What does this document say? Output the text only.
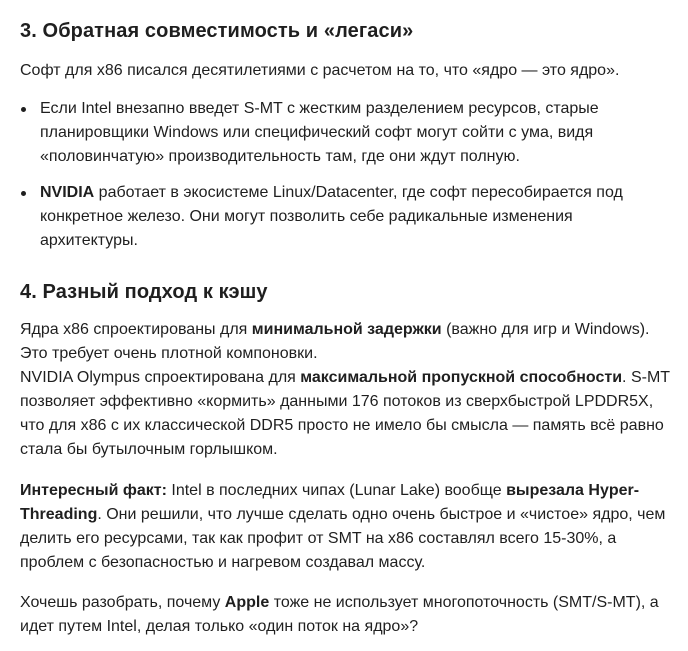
3. Обратная совместимость и «легаси»

Софт для x86 писался десятилетиями с расчетом на то, что «ядро — это ядро».

Если Intel внезапно введет S-MT с жестким разделением ресурсов, старые планировщики Windows или специфический софт могут сойти с ума, видя «половинчатую» производительность там, где они ждут полную.
NVIDIA работает в экосистеме Linux/Datacenter, где софт пересобирается под конкретное железо. Они могут позволить себе радикальные изменения архитектуры.
4. Разный подход к кэшу

Ядра x86 спроектированы для минимальной задержки (важно для игр и Windows). Это требует очень плотной компоновки.
NVIDIA Olympus спроектирована для максимальной пропускной способности. S-MT позволяет эффективно «кормить» данными 176 потоков из сверхбыстрой LPDDR5X, что для x86 с их классической DDR5 просто не имело бы смысла — память всё равно стала бы бутылочным горлышком.

Интересный факт: Intel в последних чипах (Lunar Lake) вообще вырезала Hyper-Threading. Они решили, что лучше сделать одно очень быстрое и «чистое» ядро, чем делить его ресурсами, так как профит от SMT на x86 составлял всего 15-30%, а проблем с безопасностью и нагревом создавал массу.

Хочешь разобрать, почему Apple тоже не использует многопоточность (SMT/S-MT), а идет путем Intel, делая только «один поток на ядро»?
